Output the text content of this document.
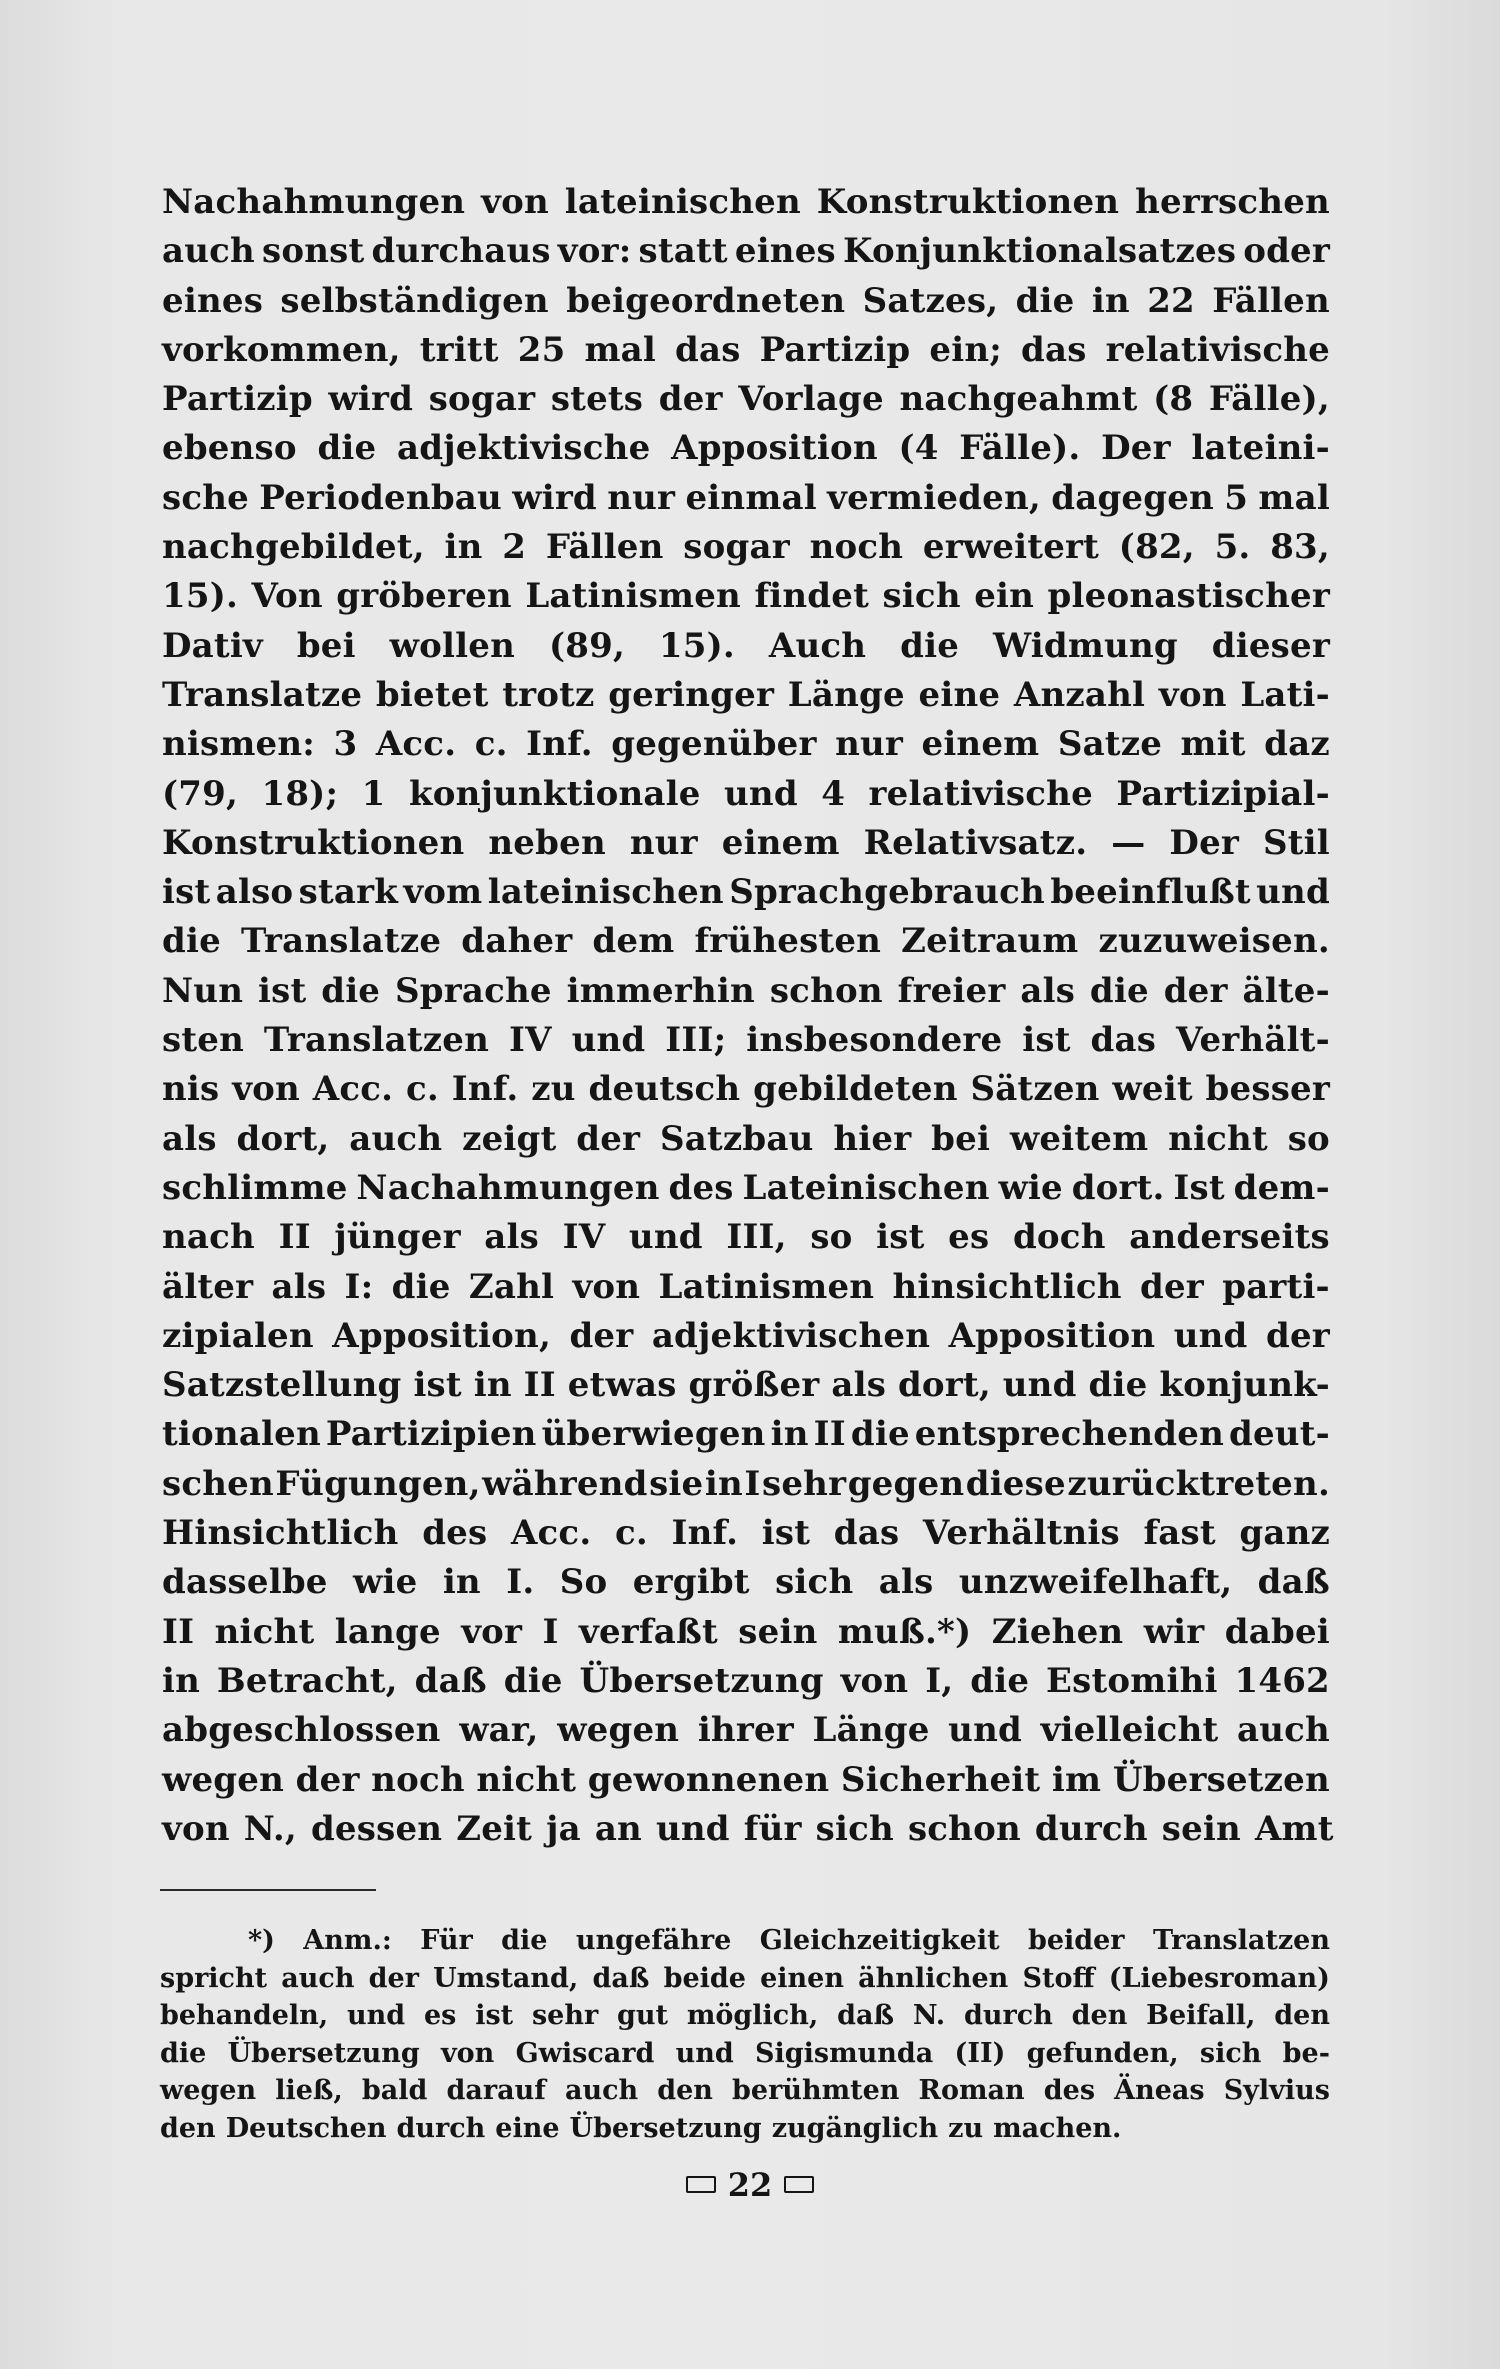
Nachahmungen von lateinischen Konstruktionen herrschen
auch sonst durchaus vor: statt eines Konjunktionalsatzes oder
eines selbständigen beigeordneten Satzes, die in 22 Fällen
vorkommen, tritt 25 mal das Partizip ein; das relativische
Partizip wird sogar stets der Vorlage nachgeahmt (8 Fälle),
ebenso die adjektivische Apposition (4 Fälle). Der lateini-
sche Periodenbau wird nur einmal vermieden, dagegen 5 mal
nachgebildet, in 2 Fällen sogar noch erweitert (82, 5. 83,
15). Von gröberen Latinismen findet sich ein pleonastischer
Dativ bei wollen (89, 15). Auch die Widmung dieser
Translatze bietet trotz geringer Länge eine Anzahl von Lati-
nismen: 3 Acc. c. Inf. gegenüber nur einem Satze mit daz
(79, 18); 1 konjunktionale und 4 relativische Partizipial-
Konstruktionen neben nur einem Relativsatz. — Der Stil
ist also stark vom lateinischen Sprachgebrauch beeinflußt und
die Translatze daher dem frühesten Zeitraum zuzuweisen.
Nun ist die Sprache immerhin schon freier als die der älte-
sten Translatzen IV und III; insbesondere ist das Verhält-
nis von Acc. c. Inf. zu deutsch gebildeten Sätzen weit besser
als dort, auch zeigt der Satzbau hier bei weitem nicht so
schlimme Nachahmungen des Lateinischen wie dort. Ist dem-
nach II jünger als IV und III, so ist es doch anderseits
älter als I: die Zahl von Latinismen hinsichtlich der parti-
zipialen Apposition, der adjektivischen Apposition und der
Satzstellung ist in II etwas größer als dort, und die konjunk-
tionalen Partizipien überwiegen in II die entsprechenden deut-
schen Fügungen, während sie in I sehr gegen diese zurücktreten.
Hinsichtlich des Acc. c. Inf. ist das Verhältnis fast ganz
dasselbe wie in I. So ergibt sich als unzweifelhaft, daß
II nicht lange vor I verfaßt sein muß.*) Ziehen wir dabei
in Betracht, daß die Übersetzung von I, die Estomihi 1462
abgeschlossen war, wegen ihrer Länge und vielleicht auch
wegen der noch nicht gewonnenen Sicherheit im Übersetzen
von N., dessen Zeit ja an und für sich schon durch sein Amt
*) Anm.: Für die ungefähre Gleichzeitigkeit beider Translatzen
spricht auch der Umstand, daß beide einen ähnlichen Stoff (Liebesroman)
behandeln, und es ist sehr gut möglich, daß N. durch den Beifall, den
die Übersetzung von Gwiscard und Sigismunda (II) gefunden, sich be-
wegen ließ, bald darauf auch den berühmten Roman des Äneas Sylvius
den Deutschen durch eine Übersetzung zugänglich zu machen.
22
